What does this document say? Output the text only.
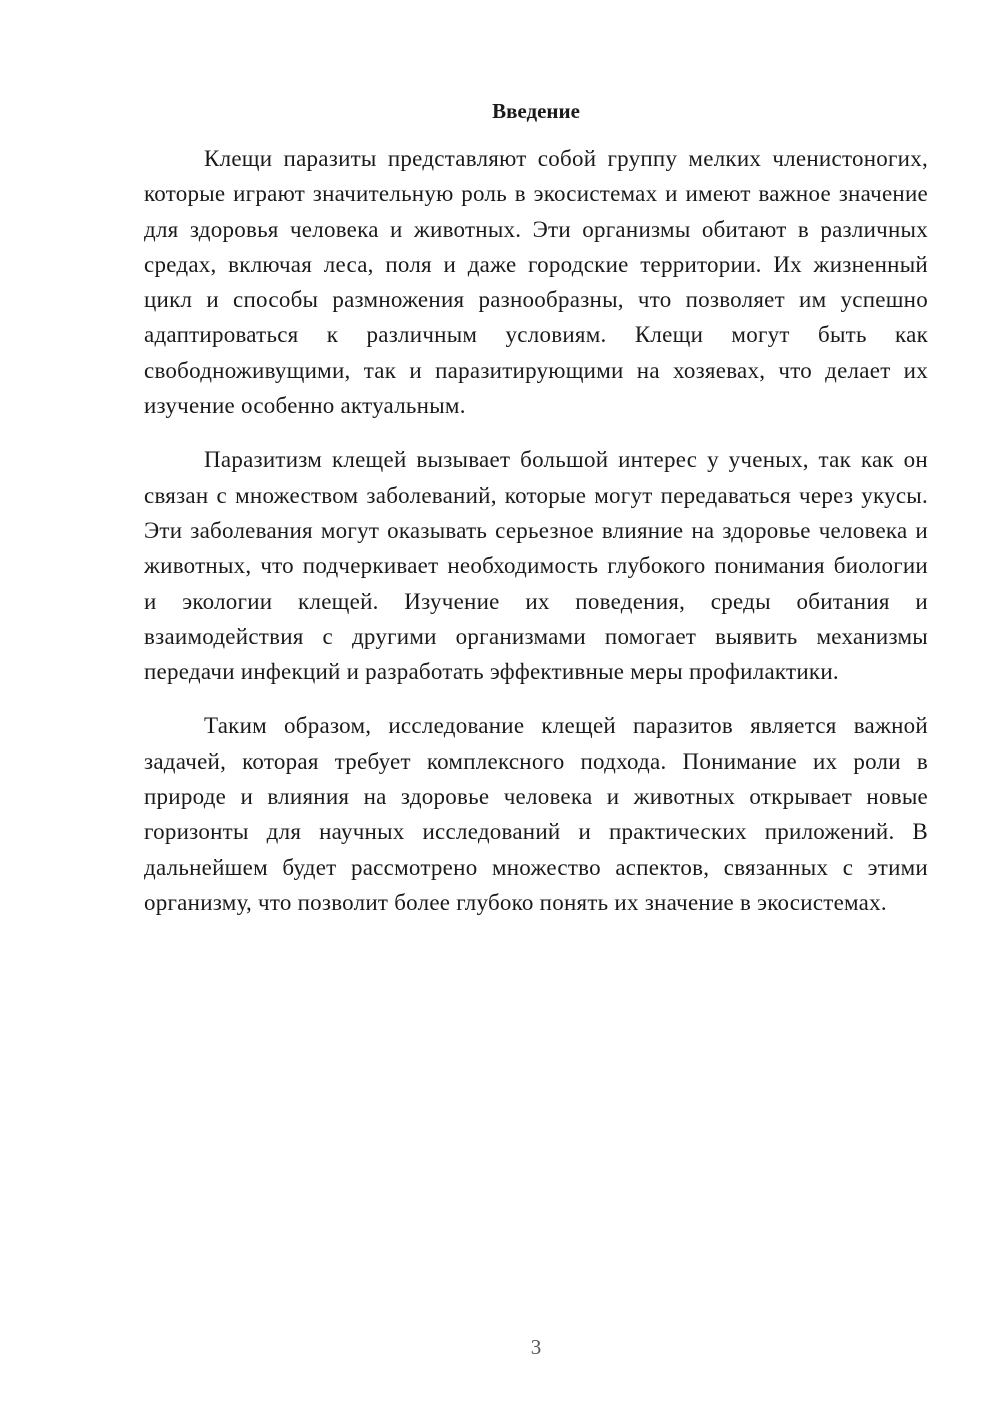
Введение

Клещи паразиты представляют собой группу мелких членистоногих, которые играют значительную роль в экосистемах и имеют важное значение для здоровья человека и животных. Эти организмы обитают в различных средах, включая леса, поля и даже городские территории. Их жизненный цикл и способы размножения разнообразны, что позволяет им успешно адаптироваться к различным условиям. Клещи могут быть как свободноживущими, так и паразитирующими на хозяевах, что делает их изучение особенно актуальным.

Паразитизм клещей вызывает большой интерес у ученых, так как он связан с множеством заболеваний, которые могут передаваться через укусы. Эти заболевания могут оказывать серьезное влияние на здоровье человека и животных, что подчеркивает необходимость глубокого понимания биологии и экологии клещей. Изучение их поведения, среды обитания и взаимодействия с другими организмами помогает выявить механизмы передачи инфекций и разработать эффективные меры профилактики.

Таким образом, исследование клещей паразитов является важной задачей, которая требует комплексного подхода. Понимание их роли в природе и влияния на здоровье человека и животных открывает новые горизонты для научных исследований и практических приложений. В дальнейшем будет рассмотрено множество аспектов, связанных с этими организму, что позволит более глубоко понять их значение в экосистемах.

3
